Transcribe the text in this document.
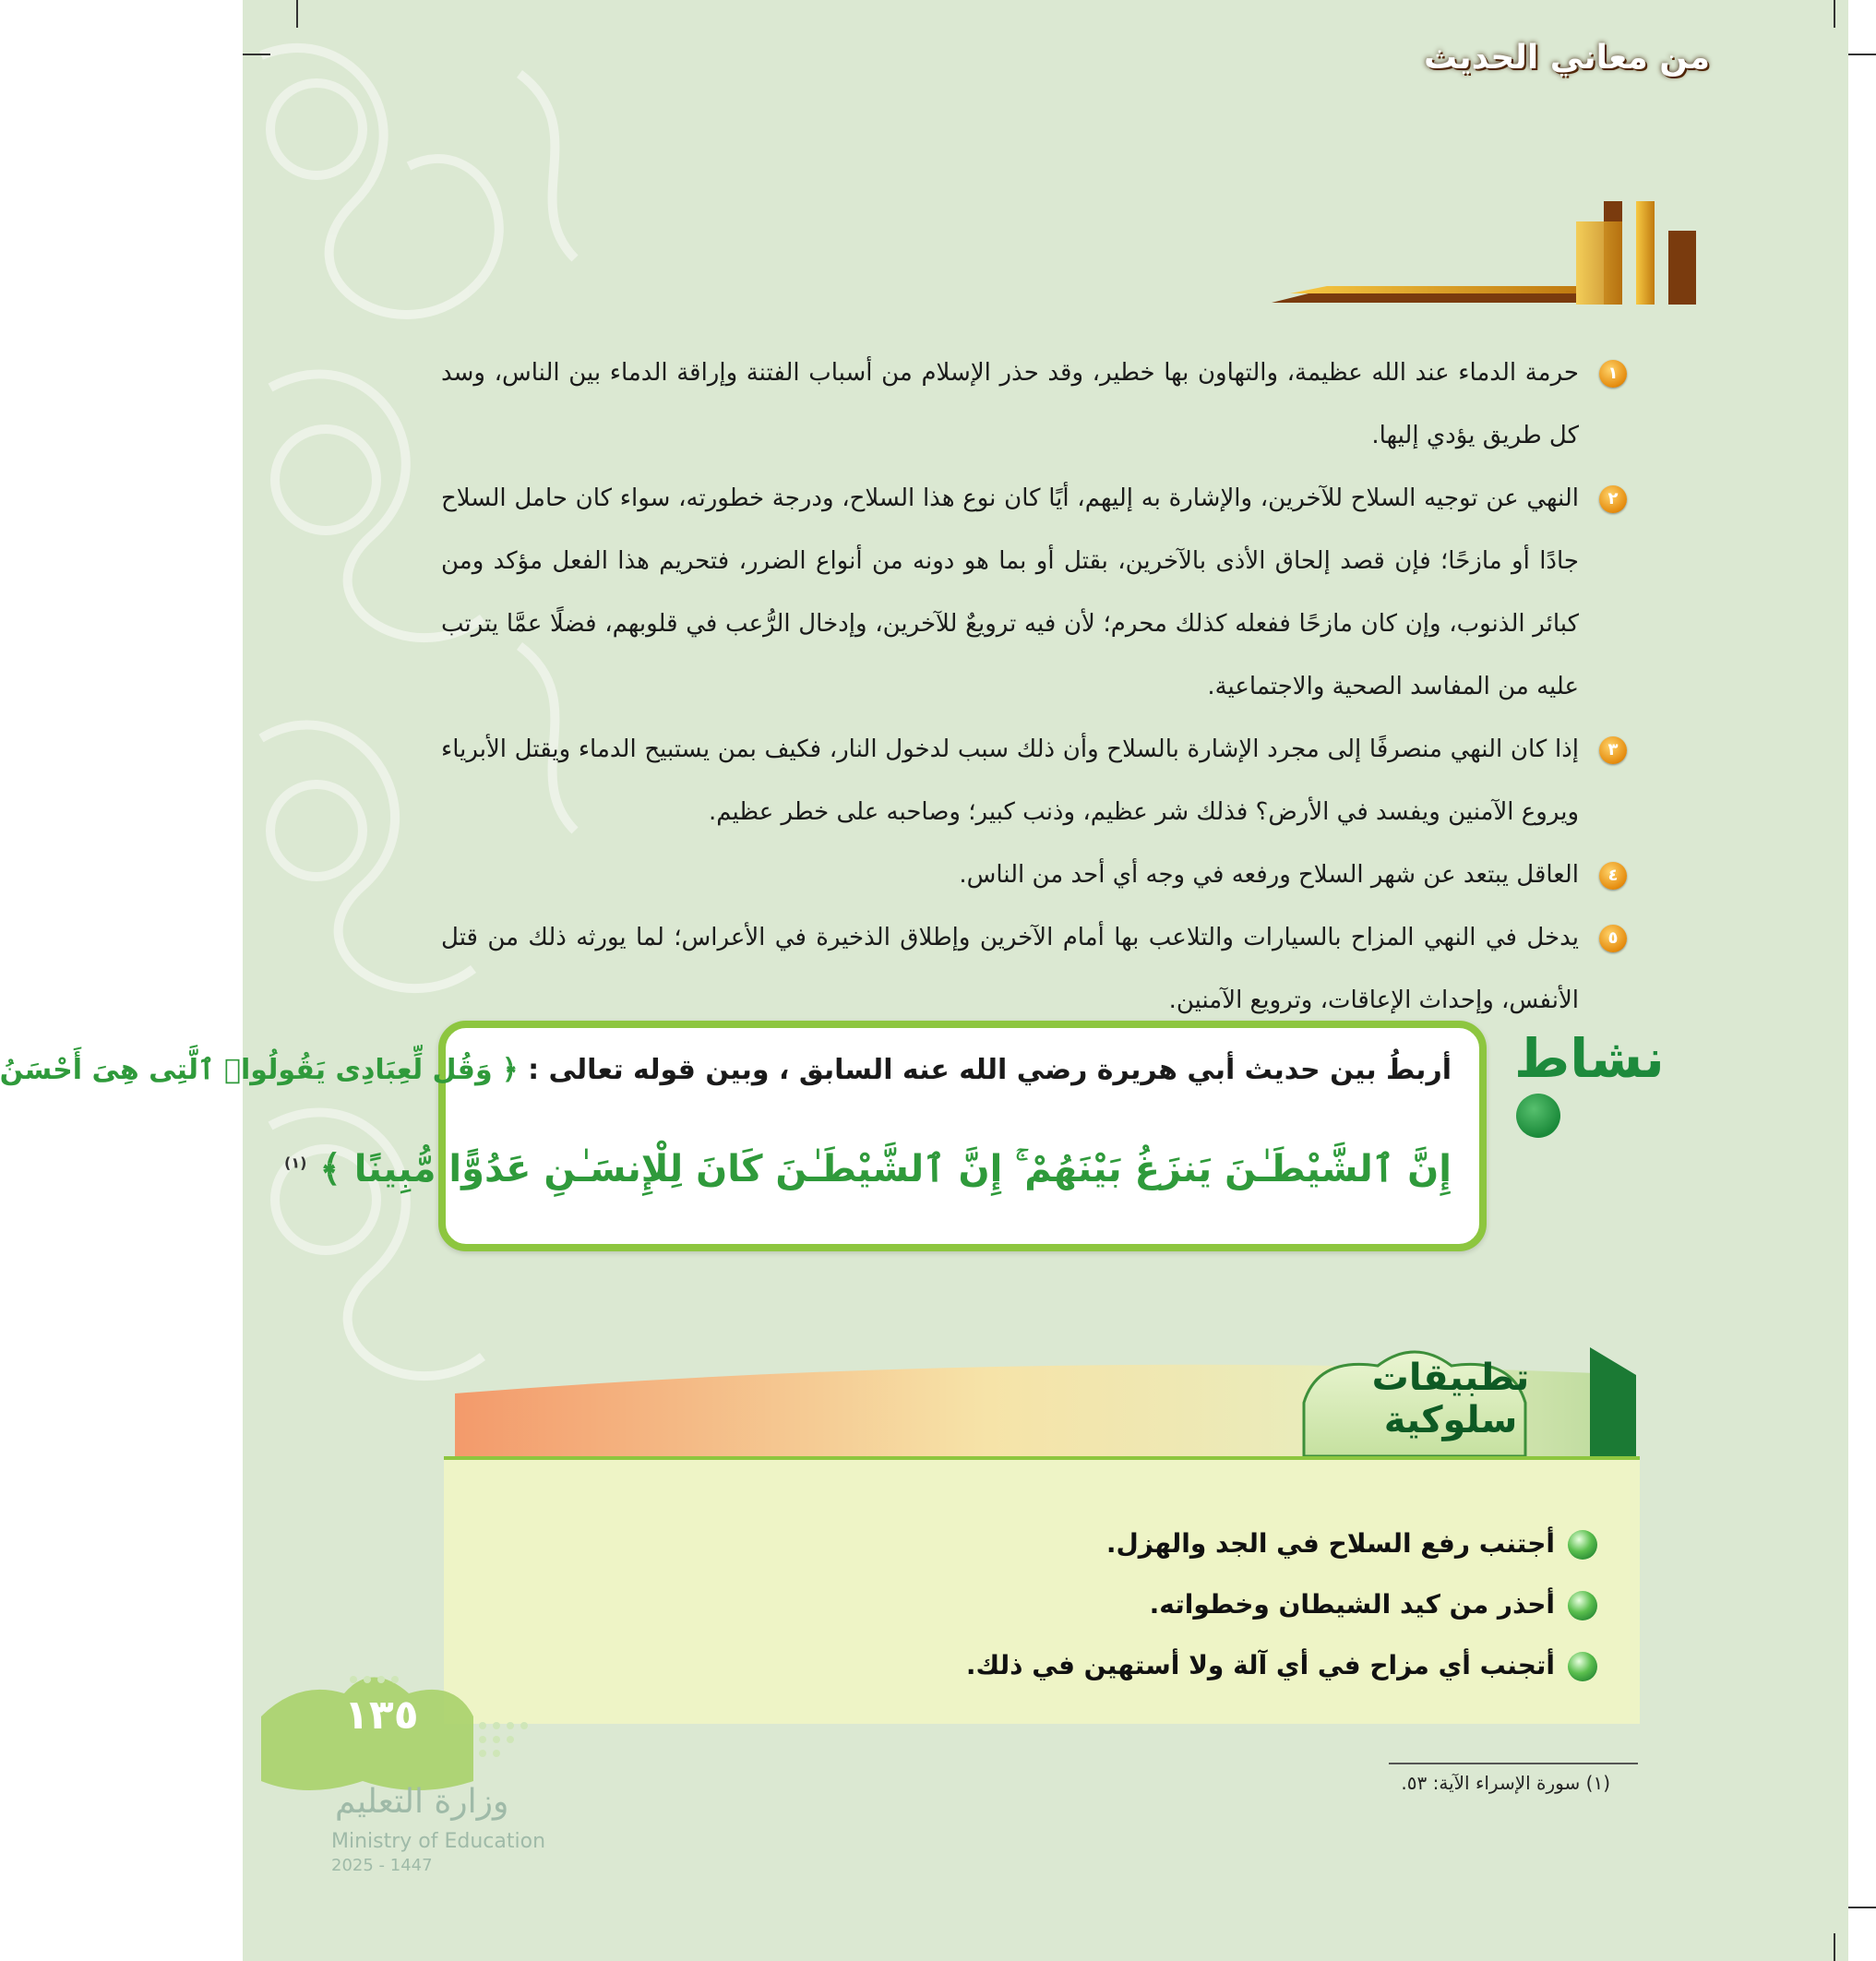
من معاني الحديث
١
حرمة الدماء عند الله عظيمة، والتهاون بها خطير، وقد حذر الإسلام من أسباب الفتنة وإراقة الدماء بين الناس، وسد كل طريق يؤدي إليها.
٢
النهي عن توجيه السلاح للآخرين، والإشارة به إليهم، أيًا كان نوع هذا السلاح، ودرجة خطورته، سواء كان حامل السلاح جادًا أو مازحًا؛ فإن قصد إلحاق الأذى بالآخرين، بقتل أو بما هو دونه من أنواع الضرر، فتحريم هذا الفعل مؤكد ومن كبائر الذنوب، وإن كان مازحًا ففعله كذلك محرم؛ لأن فيه ترويعٌ للآخرين، وإدخال الرُّعب في قلوبهم، فضلًا عمَّا يترتب عليه من المفاسد الصحية والاجتماعية.
٣
إذا كان النهي منصرفًا إلى مجرد الإشارة بالسلاح وأن ذلك سبب لدخول النار، فكيف بمن يستبيح الدماء ويقتل الأبرياء ويروع الآمنين ويفسد في الأرض؟ فذلك شر عظيم، وذنب كبير؛ وصاحبه على خطر عظيم.
٤
العاقل يبتعد عن شهر السلاح ورفعه في وجه أي أحد من الناس.
٥
يدخل في النهي المزاح بالسيارات والتلاعب بها أمام الآخرين وإطلاق الذخيرة في الأعراس؛ لما يورثه ذلك من قتل الأنفس، وإحداث الإعاقات، وترويع الآمنين.
نشاط
أربطُ بين حديث أبي هريرة رضي الله عنه السابق ، وبين قوله تعالى : ﴿ وَقُل لِّعِبَادِى يَقُولُوا۟ ٱلَّتِى هِىَ أَحْسَنُ
إِنَّ ٱلشَّيْطَـٰنَ يَنزَغُ بَيْنَهُمْ ۚ إِنَّ ٱلشَّيْطَـٰنَ كَانَ لِلْإِنسَـٰنِ عَدُوًّا مُّبِينًا ﴾ $^{(١)}$
تطبيقات سلوكية
أجتنب رفع السلاح في الجد والهزل.
أحذر من كيد الشيطان وخطواته.
أتجنب أي مزاح في أي آلة ولا أستهين في ذلك.
(١) سورة الإسراء الآية: ٥٣.
١٣٥
وزارة التعليم
Ministry of Education
2025 - 1447
